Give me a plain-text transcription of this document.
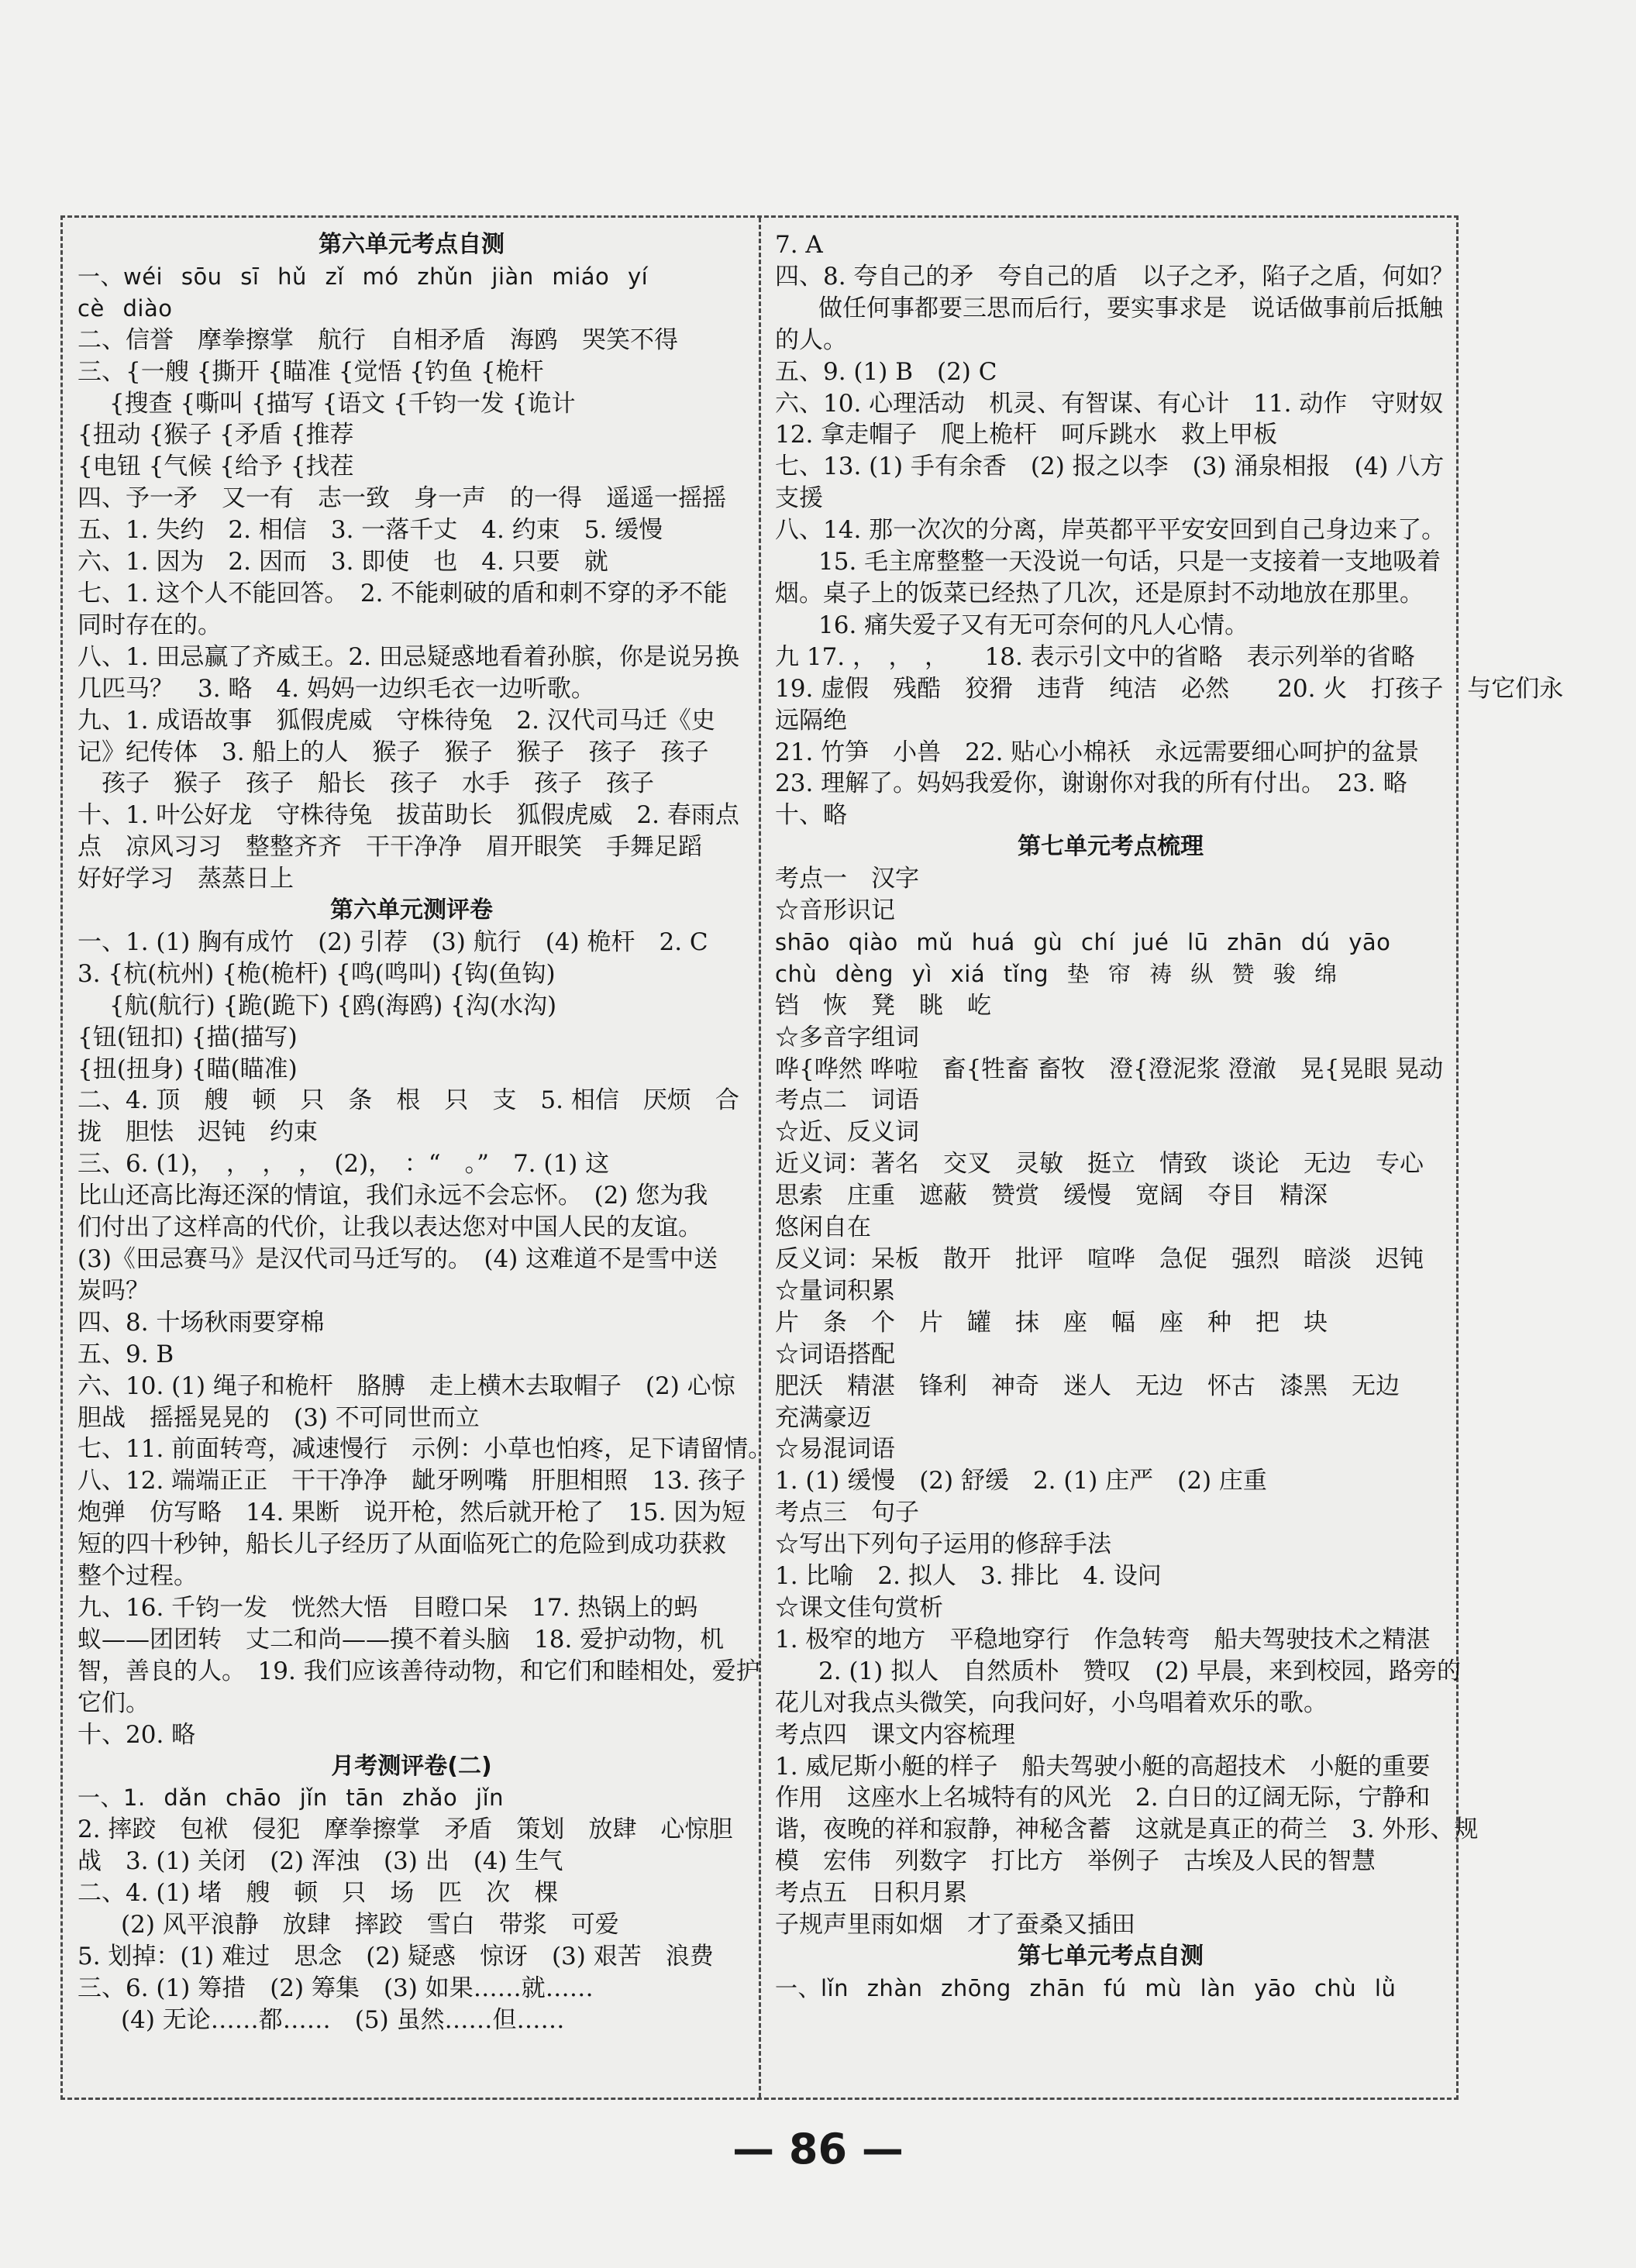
第六单元考点自测
一、wéi sōu sī hǔ zǐ mó zhǔn jiàn miáo yí
cè diào
二、信誉　摩拳擦掌　航行　自相矛盾　海鸥　哭笑不得
三、{一艘 {撕开 {瞄准 {觉悟 {钓鱼 {桅杆
　 {搜查 {嘶叫 {描写 {语文 {千钧一发 {诡计
{扭动 {猴子 {矛盾 {推荐
{电钮 {气候 {给予 {找茬
四、予一矛　又一有　志一致　身一声　的一得　遥遥一摇摇
五、1. 失约　2. 相信　3. 一落千丈　4. 约束　5. 缓慢
六、1. 因为　2. 因而　3. 即使　也　4. 只要　就
七、1. 这个人不能回答。　2. 不能刺破的盾和刺不穿的矛不能
同时存在的。
八、1. 田忌赢了齐威王。2. 田忌疑惑地看着孙膑，你是说另换
几匹马？　3. 略　4. 妈妈一边织毛衣一边听歌。
九、1. 成语故事　狐假虎威　守株待兔　2. 汉代司马迁《史
记》纪传体　3. 船上的人　猴子　猴子　猴子　孩子　孩子
　孩子　猴子　孩子　船长　孩子　水手　孩子　孩子
十、1. 叶公好龙　守株待兔　拔苗助长　狐假虎威　2. 春雨点
点　凉风习习　整整齐齐　干干净净　眉开眼笑　手舞足蹈
好好学习　蒸蒸日上
第六单元测评卷
一、1. (1) 胸有成竹　(2) 引荐　(3) 航行　(4) 桅杆　2. C
3. {杭(杭州) {桅(桅杆) {鸣(鸣叫) {钩(鱼钩)
　 {航(航行) {跪(跪下) {鸥(海鸥) {沟(水沟)
{钮(钮扣) {描(描写)
{扭(扭身) {瞄(瞄准)
二、4. 顶　艘　顿　只　条　根　只　支　5. 相信　厌烦　合
拢　胆怯　迟钝　约束
三、6. (1)，　，　，　，　(2)，　：“　。”　7. (1) 这
比山还高比海还深的情谊，我们永远不会忘怀。　(2) 您为我
们付出了这样高的代价，让我以表达您对中国人民的友谊。
(3)《田忌赛马》是汉代司马迁写的。　(4) 这难道不是雪中送
炭吗？
四、8. 十场秋雨要穿棉
五、9. B
六、10. (1) 绳子和桅杆　胳膊　走上横木去取帽子　(2) 心惊
胆战　摇摇晃晃的　(3) 不可同世而立
七、11. 前面转弯，减速慢行　示例：小草也怕疼，足下请留情。
八、12. 端端正正　干干净净　龇牙咧嘴　肝胆相照　13. 孩子
炮弹　仿写略　14. 果断　说开枪，然后就开枪了　15. 因为短
短的四十秒钟，船长儿子经历了从面临死亡的危险到成功获救
整个过程。
九、16. 千钧一发　恍然大悟　目瞪口呆　17. 热锅上的蚂
蚁——团团转　丈二和尚——摸不着头脑　18. 爱护动物，机
智，善良的人。　19. 我们应该善待动物，和它们和睦相处，爱护
它们。
十、20. 略
月考测评卷(二)
一、1. dǎn chāo jǐn tān zhǎo jǐn
2. 摔跤　包袱　侵犯　摩拳擦掌　矛盾　策划　放肆　心惊胆
战　3. (1) 关闭　(2) 浑浊　(3) 出　(4) 生气
二、4. (1) 堵　艘　顿　只　场　匹　次　棵
(2) 风平浪静　放肆　摔跤　雪白　带浆　可爱
5. 划掉：(1) 难过　思念　(2) 疑惑　惊讶　(3) 艰苦　浪费
三、6. (1) 筹措　(2) 筹集　(3) 如果……就……
(4) 无论……都……　(5) 虽然……但……
7. A
四、8. 夸自己的矛　夸自己的盾　以子之矛，陷子之盾，何如？
做任何事都要三思而后行，要实事求是　说话做事前后抵触
的人。
五、9. (1) B　(2) C
六、10. 心理活动　机灵、有智谋、有心计　11. 动作　守财奴
12. 拿走帽子　爬上桅杆　呵斥跳水　救上甲板
七、13. (1) 手有余香　(2) 报之以李　(3) 涌泉相报　(4) 八方
支援
八、14. 那一次次的分离，岸英都平平安安回到自己身边来了。
15. 毛主席整整一天没说一句话，只是一支接着一支地吸着
烟。桌子上的饭菜已经热了几次，还是原封不动地放在那里。
16. 痛失爱子又有无可奈何的凡人心情。
九 17. ，　，　，　　18. 表示引文中的省略　表示列举的省略
19. 虚假　残酷　狡猾　违背　纯洁　必然　　20. 火　打孩子　与它们永
远隔绝
21. 竹笋　小兽　22. 贴心小棉袄　永远需要细心呵护的盆景
23. 理解了。妈妈我爱你，谢谢你对我的所有付出。　23. 略
十、略
第七单元考点梳理
考点一　汉字
☆音形识记
shāo qiào mǔ huá gù chí jué lū zhān dú yāo
chù dèng yì xiá tǐng 垫 帘 祷 纵 赞 骏 绵
铛　恢　凳　眺　屹
☆多音字组词
哗{哗然 哗啦　畜{牲畜 畜牧　澄{澄泥浆 澄澈　晃{晃眼 晃动
考点二　词语
☆近、反义词
近义词：著名　交叉　灵敏　挺立　情致　谈论　无边　专心
思索　庄重　遮蔽　赞赏　缓慢　宽阔　夺目　精深
悠闲自在
反义词：呆板　散开　批评　喧哗　急促　强烈　暗淡　迟钝
☆量词积累
片　条　个　片　罐　抹　座　幅　座　种　把　块
☆词语搭配
肥沃　精湛　锋利　神奇　迷人　无边　怀古　漆黑　无边
充满豪迈
☆易混词语
1. (1) 缓慢　(2) 舒缓　2. (1) 庄严　(2) 庄重
考点三　句子
☆写出下列句子运用的修辞手法
1. 比喻　2. 拟人　3. 排比　4. 设问
☆课文佳句赏析
1. 极窄的地方　平稳地穿行　作急转弯　船夫驾驶技术之精湛
2. (1) 拟人　自然质朴　赞叹　(2) 早晨，来到校园，路旁的
花儿对我点头微笑，向我问好，小鸟唱着欢乐的歌。
考点四　课文内容梳理
1. 威尼斯小艇的样子　船夫驾驶小艇的高超技术　小艇的重要
作用　这座水上名城特有的风光　2. 白日的辽阔无际，宁静和
谐，夜晚的祥和寂静，神秘含蓄　这就是真正的荷兰　3. 外形、规
模　宏伟　列数字　打比方　举例子　古埃及人民的智慧
考点五　日积月累
子规声里雨如烟　才了蚕桑又插田
第七单元考点自测
一、lǐn zhàn zhōng zhān fú mù làn yāo chù lǜ
— 86 —
